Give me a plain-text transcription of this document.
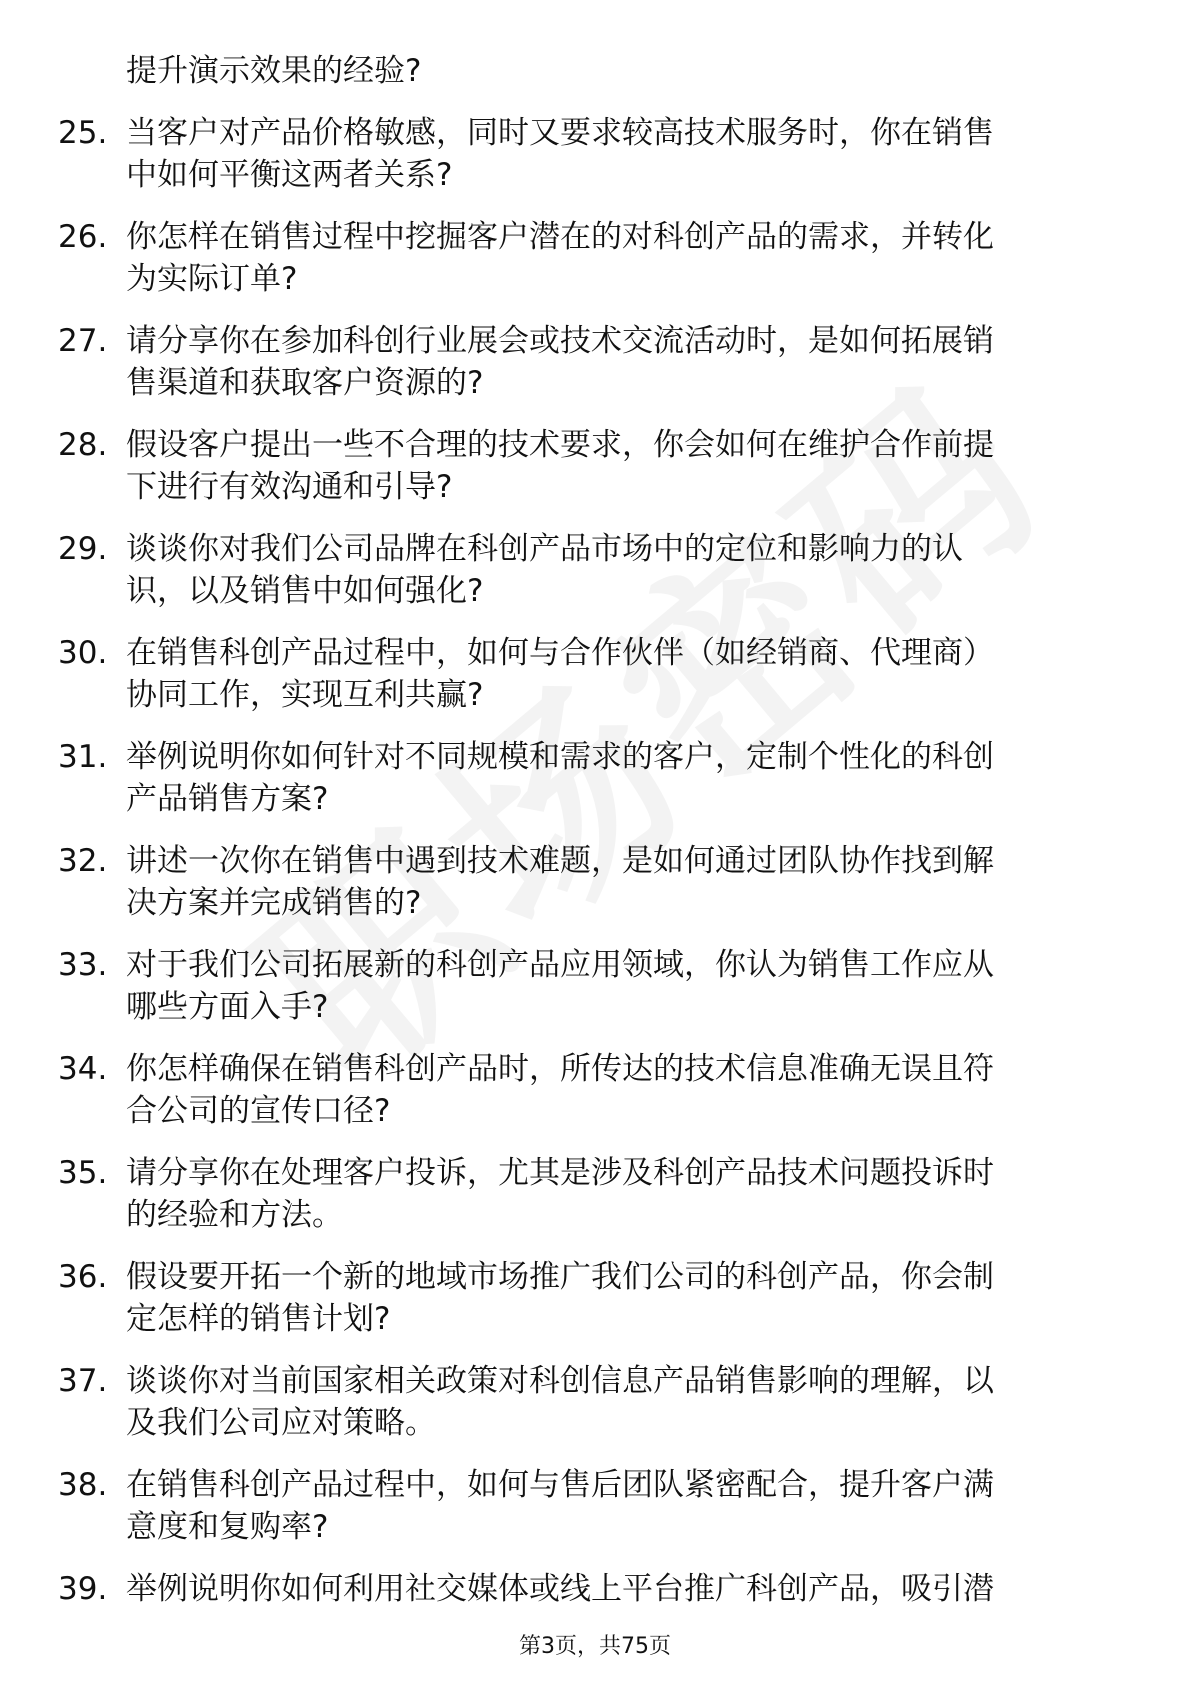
提升演示效果的经验?
25. 当客户对产品价格敏感，同时又要求较高技术服务时，你在销售
中如何平衡这两者关系?
26. 你怎样在销售过程中挖掘客户潜在的对科创产品的需求，并转化
为实际订单?
27. 请分享你在参加科创行业展会或技术交流活动时，是如何拓展销
售渠道和获取客户资源的?
28. 假设客户提出一些不合理的技术要求，你会如何在维护合作前提
下进行有效沟通和引导?
29. 谈谈你对我们公司品牌在科创产品市场中的定位和影响力的认
识，以及销售中如何强化?
30. 在销售科创产品过程中，如何与合作伙伴（如经销商、代理商）
协同工作，实现互利共赢?
31. 举例说明你如何针对不同规模和需求的客户，定制个性化的科创
产品销售方案?
32. 讲述一次你在销售中遇到技术难题，是如何通过团队协作找到解
决方案并完成销售的?
33. 对于我们公司拓展新的科创产品应用领域，你认为销售工作应从
哪些方面入手?
34. 你怎样确保在销售科创产品时，所传达的技术信息准确无误且符
合公司的宣传口径?
35. 请分享你在处理客户投诉，尤其是涉及科创产品技术问题投诉时
的经验和方法。
36. 假设要开拓一个新的地域市场推广我们公司的科创产品，你会制
定怎样的销售计划?
37. 谈谈你对当前国家相关政策对科创信息产品销售影响的理解，以
及我们公司应对策略。
38. 在销售科创产品过程中，如何与售后团队紧密配合，提升客户满
意度和复购率?
39. 举例说明你如何利用社交媒体或线上平台推广科创产品，吸引潜
第3页，共75页
